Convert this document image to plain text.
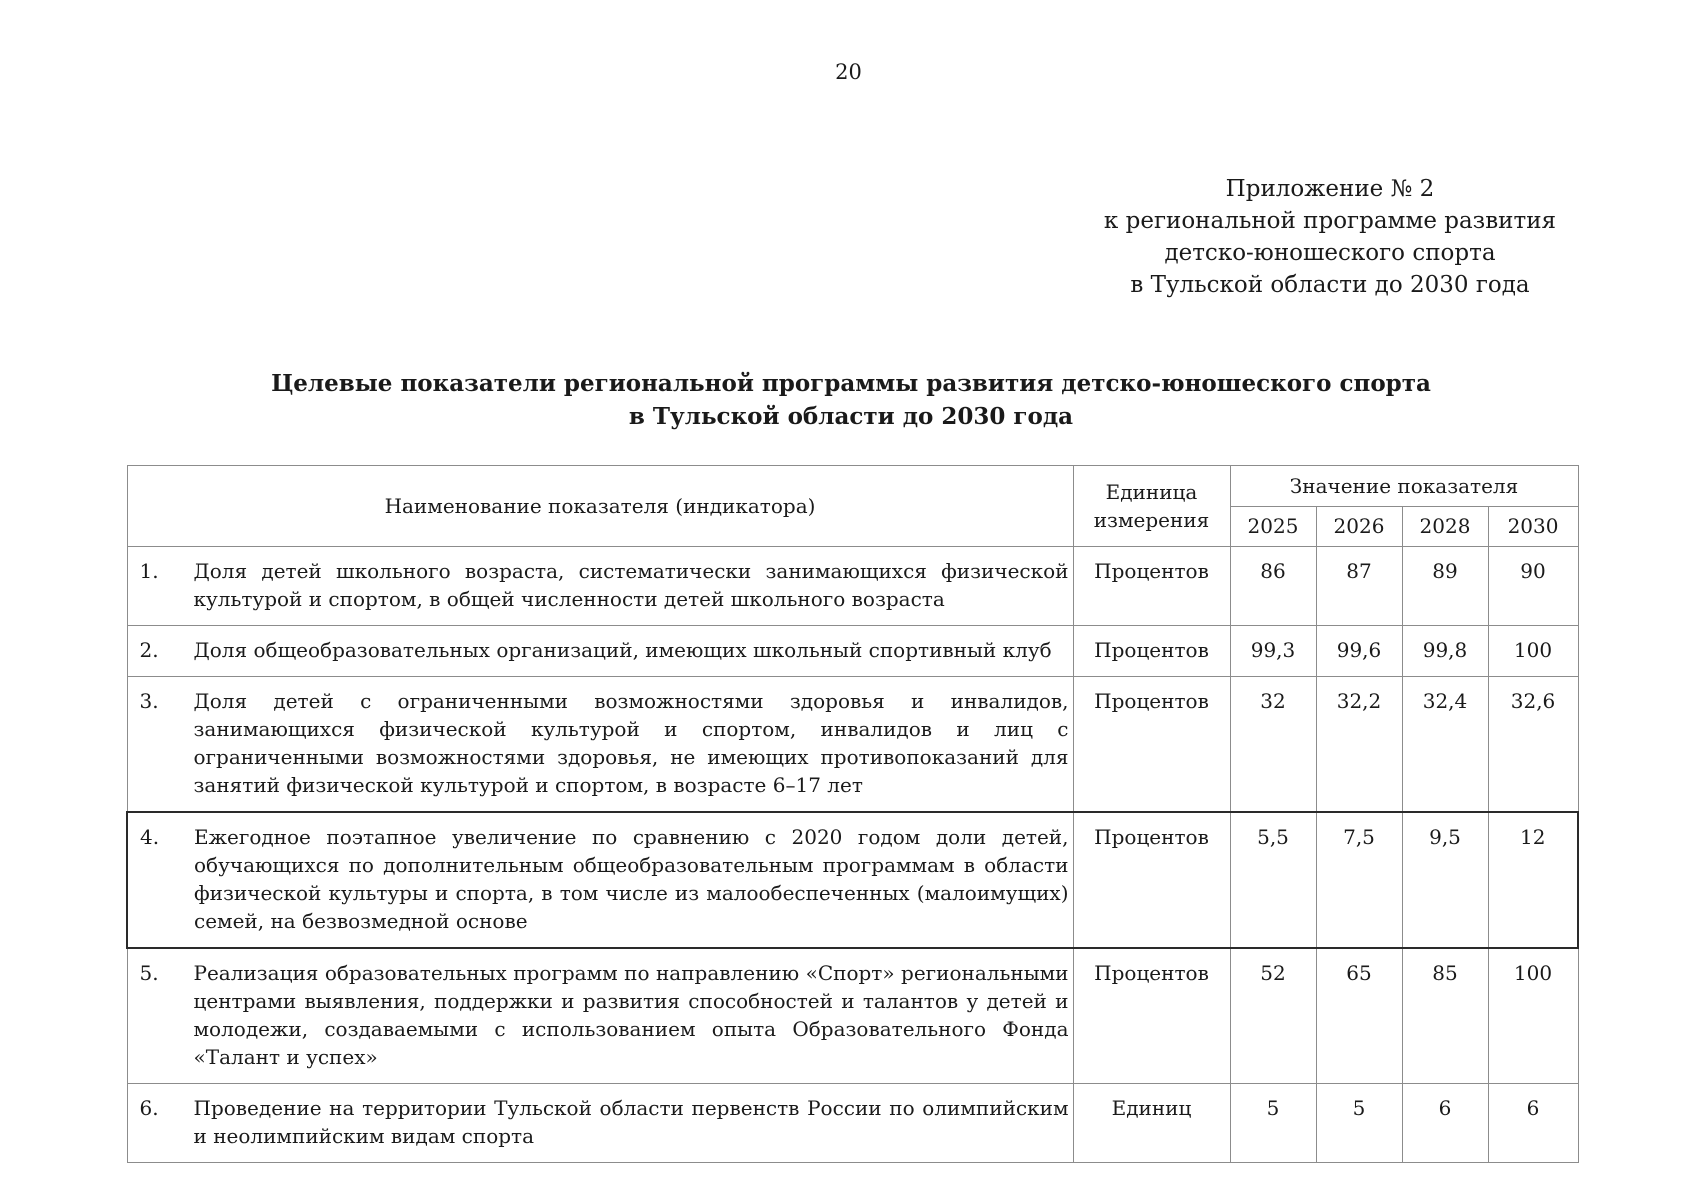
20
Приложение № 2
к региональной программе развития
детско-юношеского спорта
в Тульской области до 2030 года
Целевые показатели региональной программы развития детско-юношеского спорта
в Тульской области до 2030 года
Наименование показателя (индикатора)	Единица измерения	Значение показателя			
		2025	2026	2028	2030

1. Доля детей школьного возраста, систематически занимающихся физической культурой и спортом, в общей численности детей школьного возраста	Процентов	86	87	89	90

2. Доля общеобразовательных организаций, имеющих школьный спортивный клуб	Процентов	99,3	99,6	99,8	100

3. Доля детей с ограниченными возможностями здоровья и инвалидов, занимающихся физической культурой и спортом, инвалидов и лиц с ограниченными возможностями здоровья, не имеющих противопоказаний для занятий физической культурой и спортом, в возрасте 6–17 лет	Процентов	32	32,2	32,4	32,6

4. Ежегодное поэтапное увеличение по сравнению с 2020 годом доли детей, обучающихся по дополнительным общеобразовательным программам в области физической культуры и спорта, в том числе из малообеспеченных (малоимущих) семей, на безвозмедной основе	Процентов	5,5	7,5	9,5	12

5. Реализация образовательных программ по направлению «Спорт» региональными центрами выявления, поддержки и развития способностей и талантов у детей и молодежи, создаваемыми с использованием опыта Образовательного Фонда «Талант и успех»	Процентов	52	65	85	100

6. Проведение на территории Тульской области первенств России по олимпийским и неолимпийским видам спорта	Единиц	5	5	6	6
